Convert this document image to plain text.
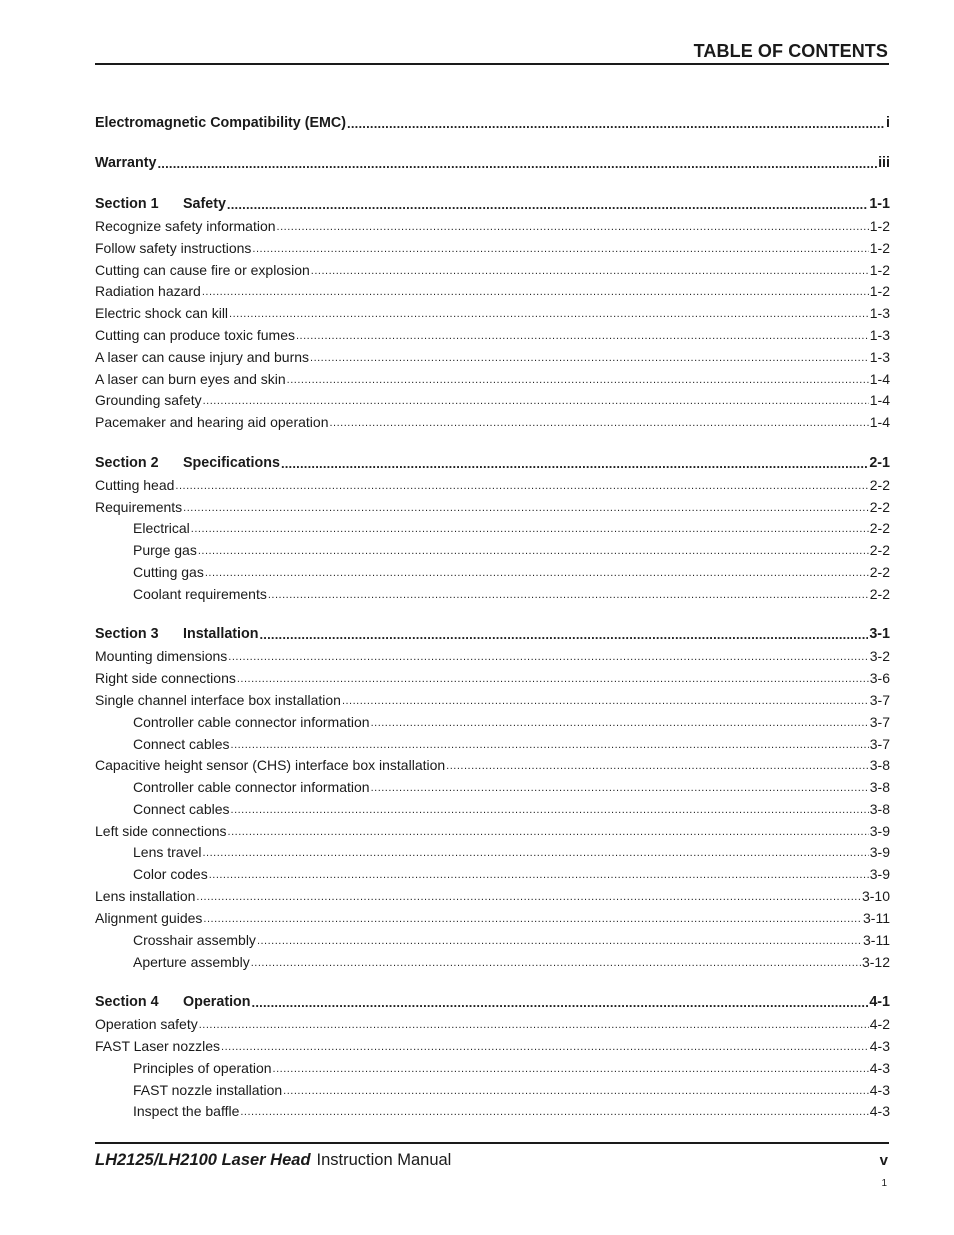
TABLE OF CONTENTS
Electromagnetic Compatibility (EMC) .....	i
Warranty .....	iii
Section 1 Safety .....	1-1
Recognize safety information .....	1-2
Follow safety instructions .....	1-2
Cutting can cause fire or explosion .....	1-2
Radiation hazard .....	1-2
Electric shock can kill .....	1-3
Cutting can produce toxic fumes .....	1-3
A laser can cause injury and burns .....	1-3
A laser can burn eyes and skin .....	1-4
Grounding safety .....	1-4
Pacemaker and hearing aid operation .....	1-4
Section 2 Specifications .....	2-1
Cutting head .....	2-2
Requirements .....	2-2
Electrical .....	2-2
Purge gas .....	2-2
Cutting gas .....	2-2
Coolant requirements .....	2-2
Section 3 Installation .....	3-1
Mounting dimensions .....	3-2
Right side connections .....	3-6
Single channel interface box installation .....	3-7
Controller cable connector information .....	3-7
Connect cables .....	3-7
Capacitive height sensor (CHS) interface box installation .....	3-8
Controller cable connector information .....	3-8
Connect cables .....	3-8
Left side connections .....	3-9
Lens travel .....	3-9
Color codes .....	3-9
Lens installation .....	3-10
Alignment guides .....	3-11
Crosshair assembly .....	3-11
Aperture assembly .....	3-12
Section 4 Operation .....	4-1
Operation safety .....	4-2
FAST Laser nozzles .....	4-3
Principles of operation .....	4-3
FAST nozzle installation .....	4-3
Inspect the baffle .....	4-3
LH2125/LH2100 Laser Head Instruction Manual	v
1
